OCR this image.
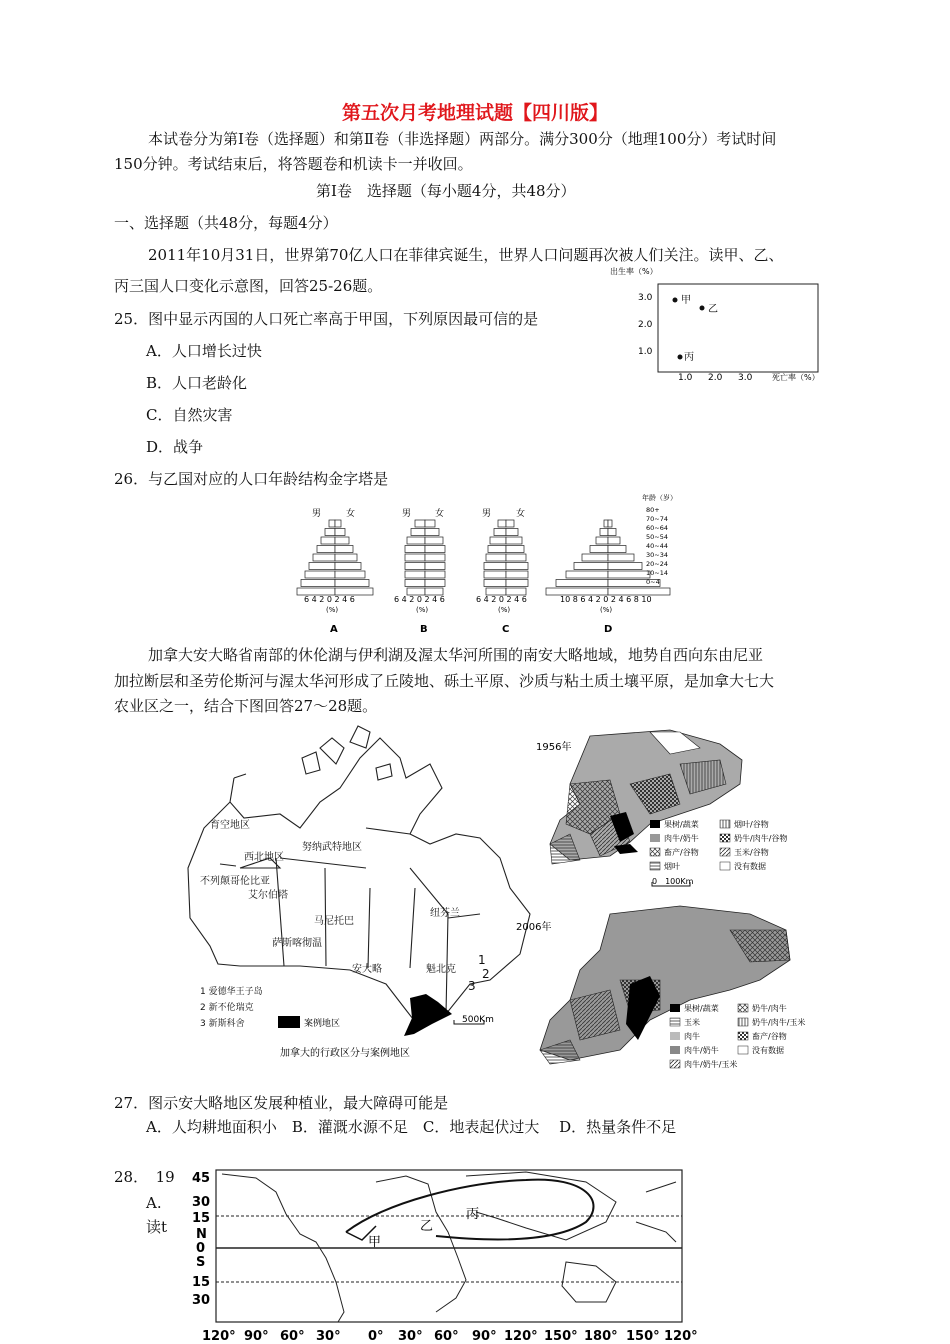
第五次月考地理试题【四川版】
本试卷分为第Ⅰ卷（选择题）和第Ⅱ卷（非选择题）两部分。满分300分（地理100分）考试时间
150分钟。考试结束后，将答题卷和机读卡一并收回。
第Ⅰ卷　选择题（每小题4分，共48分）
一、选择题（共48分，每题4分）
2011年10月31日，世界第70亿人口在菲律宾诞生，世界人口问题再次被人们关注。读甲、乙、
丙三国人口变化示意图，回答25-26题。
25．图中显示丙国的人口死亡率高于甲国，下列原因最可信的是
A．人口增长过快
B．人口老龄化
C．自然灾害
D．战争
出生率（%）
3.0
2.0
1.0
1.0 2.0 3.0 死亡率（%）
甲
乙
丙
26．与乙国对应的人口年龄结构金字塔是
男	女	男	女	男	女
6 4 2 0 2 4 6	6 4 2 0 2 4 6	6 4 2 0 2 4 6	10 8 6 4 2 0 2 4 6 8 10
(%)	(%)	(%)	(%)
A	B	C	D
年龄（岁）
80+
70~74
60~64
50~54
40~44
30~34
20~24
10~14
0~4
加拿大安大略省南部的休伦湖与伊利湖及渥太华河所围的南安大略地域，地势自西向东由尼亚
加拉断层和圣劳伦斯河与渥太华河形成了丘陵地、砾土平原、沙质与粘土质土壤平原，是加拿大七大
农业区之一，结合下图回答27～28题。
育空地区
西北地区
努纳武特地区
不列颠哥伦比亚
艾尔伯塔
萨斯喀彻温
马尼托巴
安大略	魁北克
纽芬兰
1
2
3
1 爱德华王子岛
2 新不伦瑞克
3 新斯科舍	案例地区	500Km
加拿大的行政区分与案例地区
1956年
果树/蔬菜	烟叶/谷物
肉牛/奶牛	奶牛/肉牛/谷物
畜产/谷物	玉米/谷物
烟叶	没有数据
0　100Km
2006年
果树/蔬菜	奶牛/肉牛
玉米	奶牛/肉牛/玉米
肉牛	畜产/谷物
肉牛/奶牛	没有数据
肉牛/奶牛/玉米
27．图示安大略地区发展种植业，最大障碍可能是
A．人均耕地面积小　B．灌溉水源不足　C．地表起伏过大　 D．热量条件不足
28．　19
A.
读t
甲
乙
丙
45
30
15
N
0
S
15
30
120° 90° 60° 30° 0° 30° 60° 90° 120° 150° 180° 150° 120°
